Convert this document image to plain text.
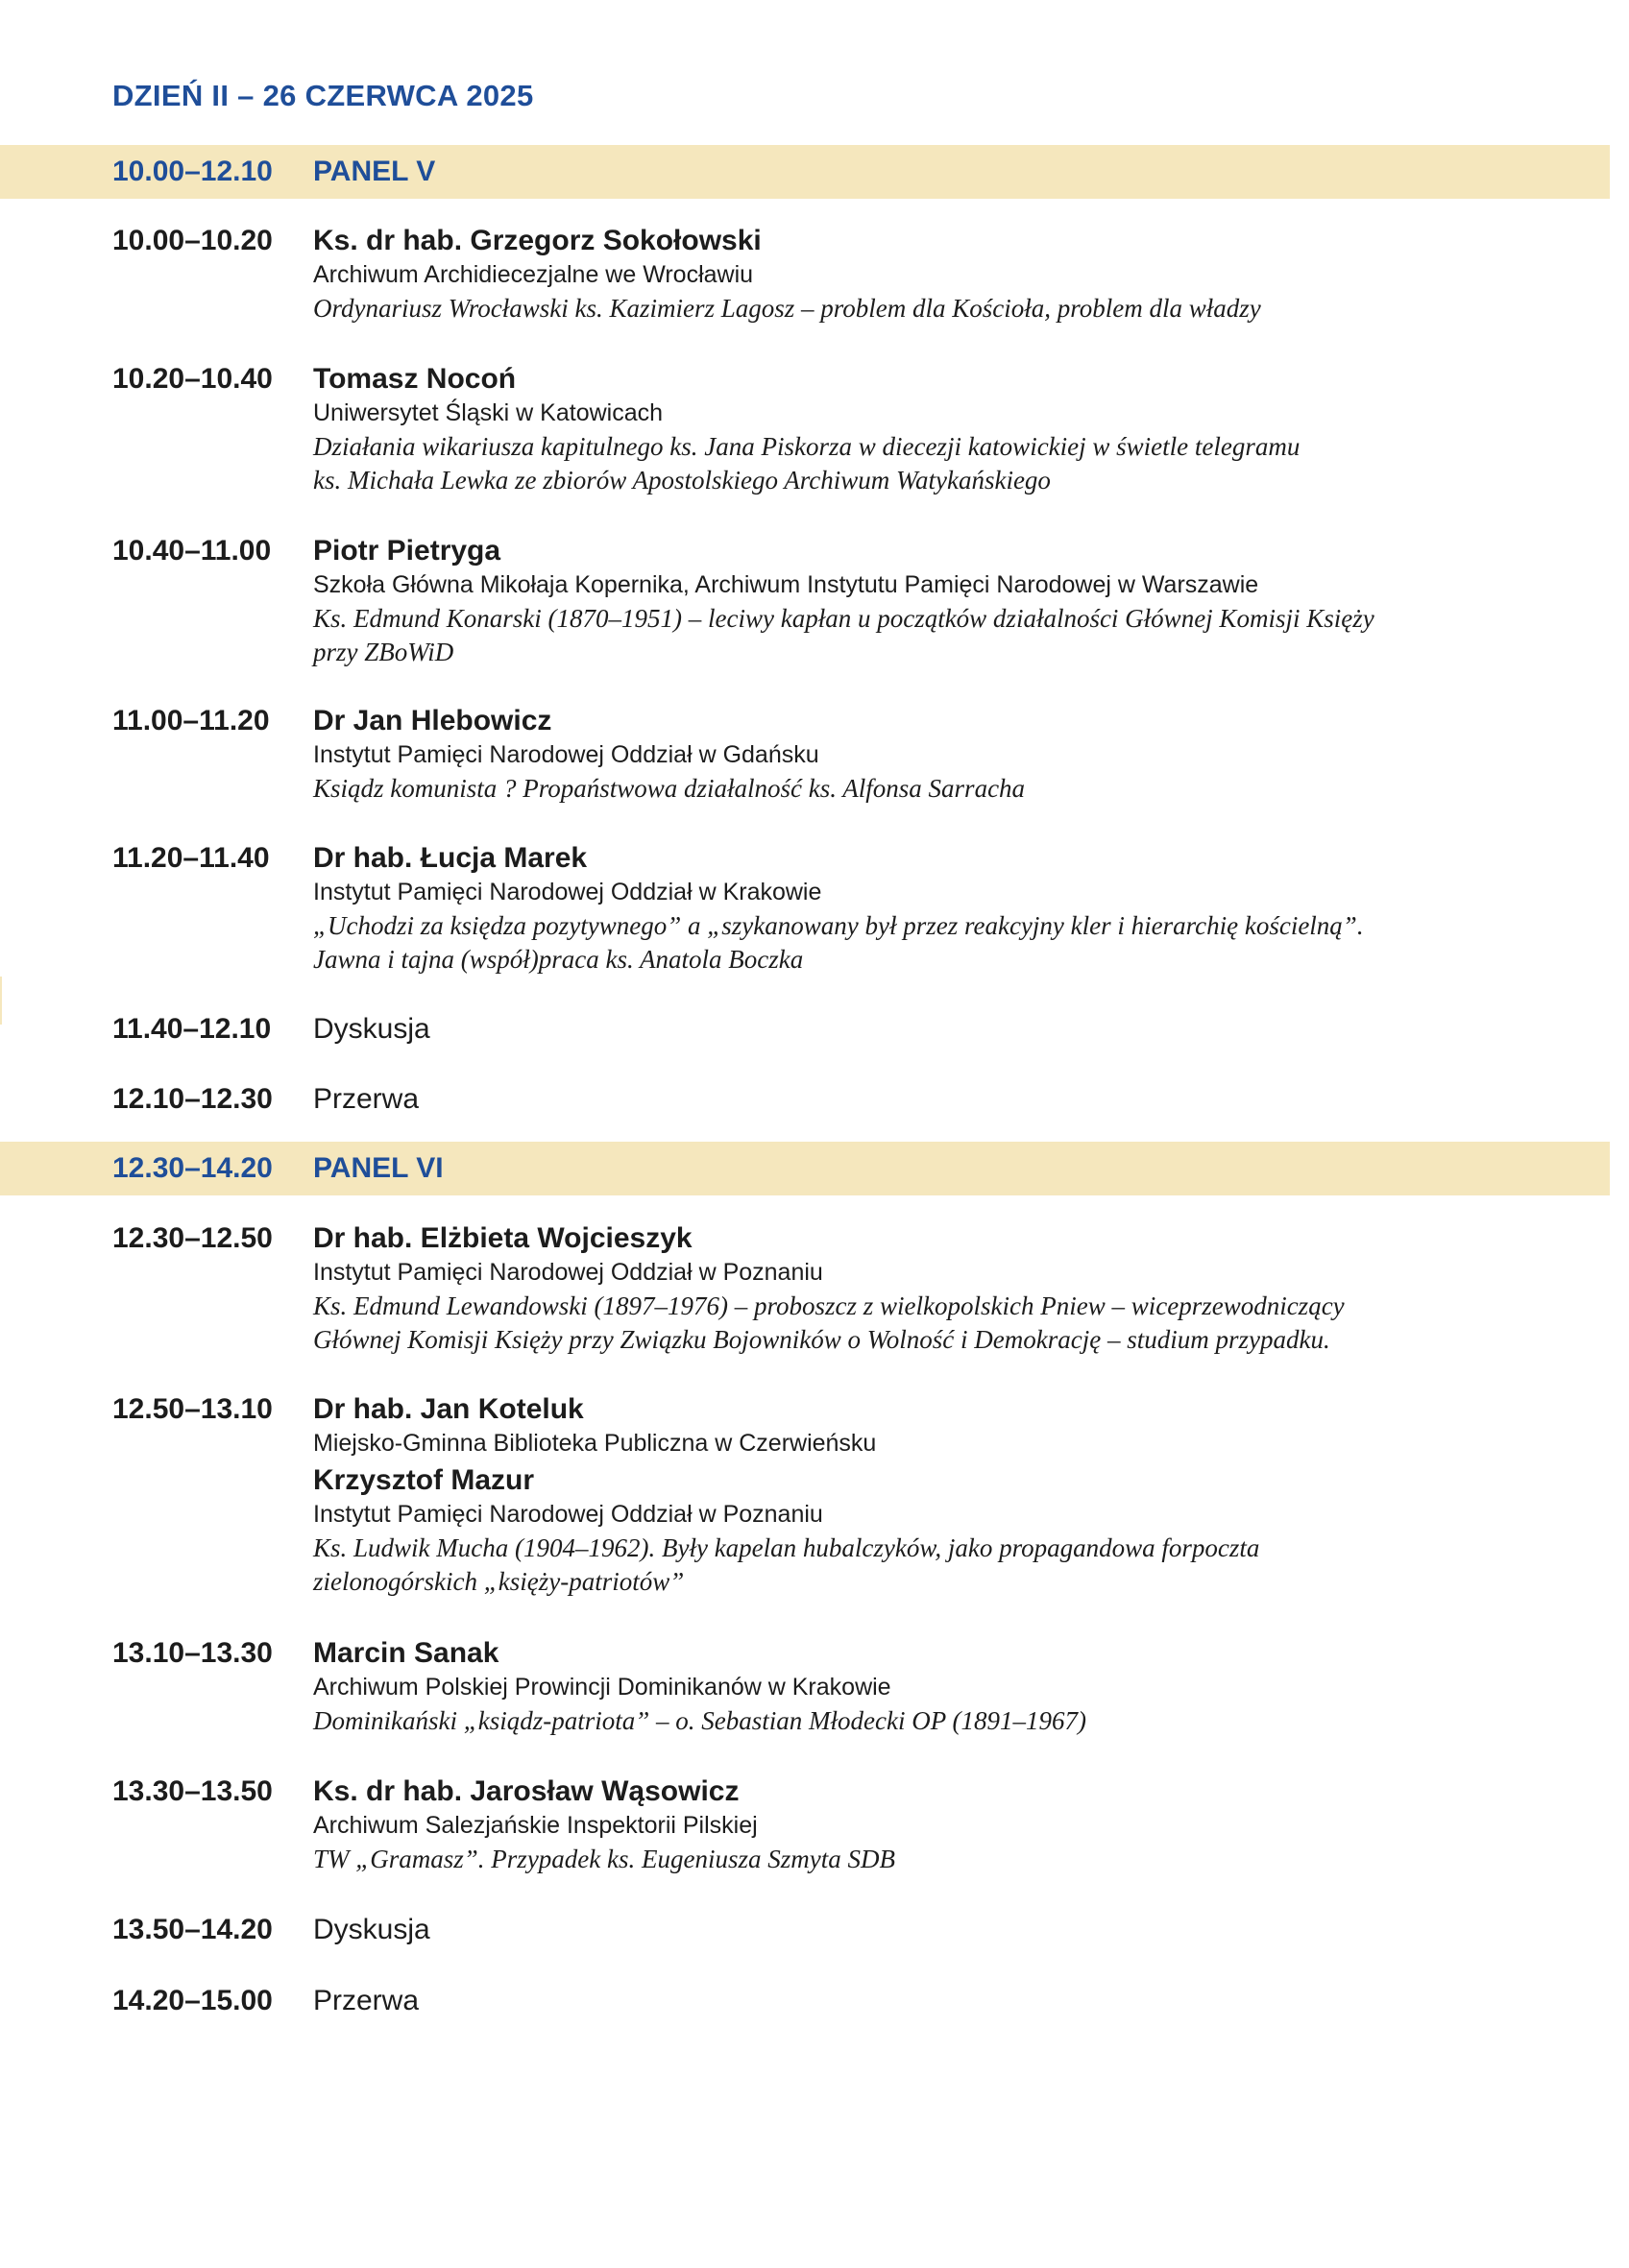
DZIEŃ II – 26 CZERWCA 2025
10.00–12.10 PANEL V
10.00–10.20 Ks. dr hab. Grzegorz Sokołowski
Archiwum Archidiecezjalne we Wrocławiu
Ordynariusz Wrocławski ks. Kazimierz Lagosz – problem dla Kościoła, problem dla władzy
10.20–10.40 Tomasz Nocoń
Uniwersytet Śląski w Katowicach
Działania wikariusza kapitulnego ks. Jana Piskorza w diecezji katowickiej w świetle telegramu
ks. Michała Lewka ze zbiorów Apostolskiego Archiwum Watykańskiego
10.40–11.00 Piotr Pietryga
Szkoła Główna Mikołaja Kopernika, Archiwum Instytutu Pamięci Narodowej w Warszawie
Ks. Edmund Konarski (1870–1951) – leciwy kapłan u początków działalności Głównej Komisji Księży
przy ZBoWiD
11.00–11.20 Dr Jan Hlebowicz
Instytut Pamięci Narodowej Oddział w Gdańsku
Ksiądz komunista ? Propaństwowa działalność ks. Alfonsa Sarracha
11.20–11.40 Dr hab. Łucja Marek
Instytut Pamięci Narodowej Oddział w Krakowie
„Uchodzi za księdza pozytywnego” a „szykanowany był przez reakcyjny kler i hierarchię kościelną”.
Jawna i tajna (współ)praca ks. Anatola Boczka
11.40–12.10 Dyskusja
12.10–12.30 Przerwa
12.30–14.20 PANEL VI
12.30–12.50 Dr hab. Elżbieta Wojcieszyk
Instytut Pamięci Narodowej Oddział w Poznaniu
Ks. Edmund Lewandowski (1897–1976) – proboszcz z wielkopolskich Pniew – wiceprzewodniczący
Głównej Komisji Księży przy Związku Bojowników o Wolność i Demokrację – studium przypadku.
12.50–13.10 Dr hab. Jan Koteluk
Miejsko-Gminna Biblioteka Publiczna w Czerwieńsku
Krzysztof Mazur
Instytut Pamięci Narodowej Oddział w Poznaniu
Ks. Ludwik Mucha (1904–1962). Były kapelan hubalczyków, jako propagandowa forpoczta
zielonogórskich „księży-patriotów”
13.10–13.30 Marcin Sanak
Archiwum Polskiej Prowincji Dominikanów w Krakowie
Dominikański „ksiądz-patriota” – o. Sebastian Młodecki OP (1891–1967)
13.30–13.50 Ks. dr hab. Jarosław Wąsowicz
Archiwum Salezjańskie Inspektorii Pilskiej
TW „Gramasz”. Przypadek ks. Eugeniusza Szmyta SDB
13.50–14.20 Dyskusja
14.20–15.00 Przerwa
